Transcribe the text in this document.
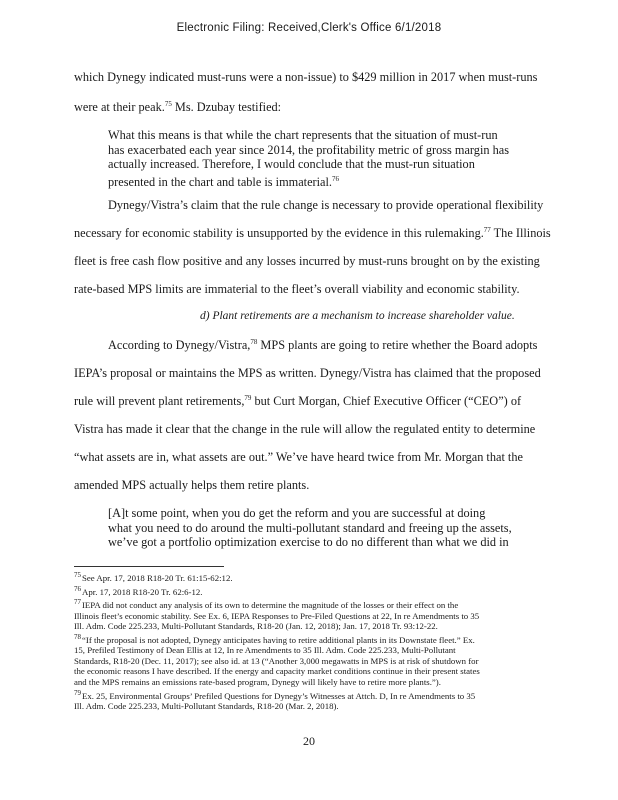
Electronic Filing: Received,Clerk's Office 6/1/2018
which Dynegy indicated must-runs were a non-issue) to $429 million in 2017 when must-runs
were at their peak.$^{75}$ Ms. Dzubay testified:
What this means is that while the chart represents that the situation of must-run
has exacerbated each year since 2014, the profitability metric of gross margin has
actually increased. Therefore, I would conclude that the must-run situation
presented in the chart and table is immaterial.$^{76}$
Dynegy/Vistra’s claim that the rule change is necessary to provide operational flexibility
necessary for economic stability is unsupported by the evidence in this rulemaking.$^{77}$ The Illinois
fleet is free cash flow positive and any losses incurred by must-runs brought on by the existing
rate-based MPS limits are immaterial to the fleet’s overall viability and economic stability.
d) Plant retirements are a mechanism to increase shareholder value.
According to Dynegy/Vistra,$^{78}$ MPS plants are going to retire whether the Board adopts
IEPA’s proposal or maintains the MPS as written. Dynegy/Vistra has claimed that the proposed
rule will prevent plant retirements,$^{79}$ but Curt Morgan, Chief Executive Officer (“CEO”) of
Vistra has made it clear that the change in the rule will allow the regulated entity to determine
“what assets are in, what assets are out.” We’ve have heard twice from Mr. Morgan that the
amended MPS actually helps them retire plants.
[A]t some point, when you do get the reform and you are successful at doing
what you need to do around the multi-pollutant standard and freeing up the assets,
we’ve got a portfolio optimization exercise to do no different than what we did in
$^{75}$See Apr. 17, 2018 R18-20 Tr. 61:15-62:12.
$^{76}$Apr. 17, 2018 R18-20 Tr. 62:6-12.
$^{77}$IEPA did not conduct any analysis of its own to determine the magnitude of the losses or their effect on the
Illinois fleet’s economic stability. See Ex. 6, IEPA Responses to Pre-Filed Questions at 22, In re Amendments to 35
Ill. Adm. Code 225.233, Multi-Pollutant Standards, R18-20 (Jan. 12, 2018); Jan. 17, 2018 Tr. 93:12-22.
$^{78}$“If the proposal is not adopted, Dynegy anticipates having to retire additional plants in its Downstate fleet.” Ex.
15, Prefiled Testimony of Dean Ellis at 12, In re Amendments to 35 Ill. Adm. Code 225.233, Multi-Pollutant
Standards, R18-20 (Dec. 11, 2017); see also id. at 13 (“Another 3,000 megawatts in MPS is at risk of shutdown for
the economic reasons I have described. If the energy and capacity market conditions continue in their present states
and the MPS remains an emissions rate-based program, Dynegy will likely have to retire more plants.”).
$^{79}$Ex. 25, Environmental Groups’ Prefiled Questions for Dynegy’s Witnesses at Attch. D, In re Amendments to 35
Ill. Adm. Code 225.233, Multi-Pollutant Standards, R18-20 (Mar. 2, 2018).
20
